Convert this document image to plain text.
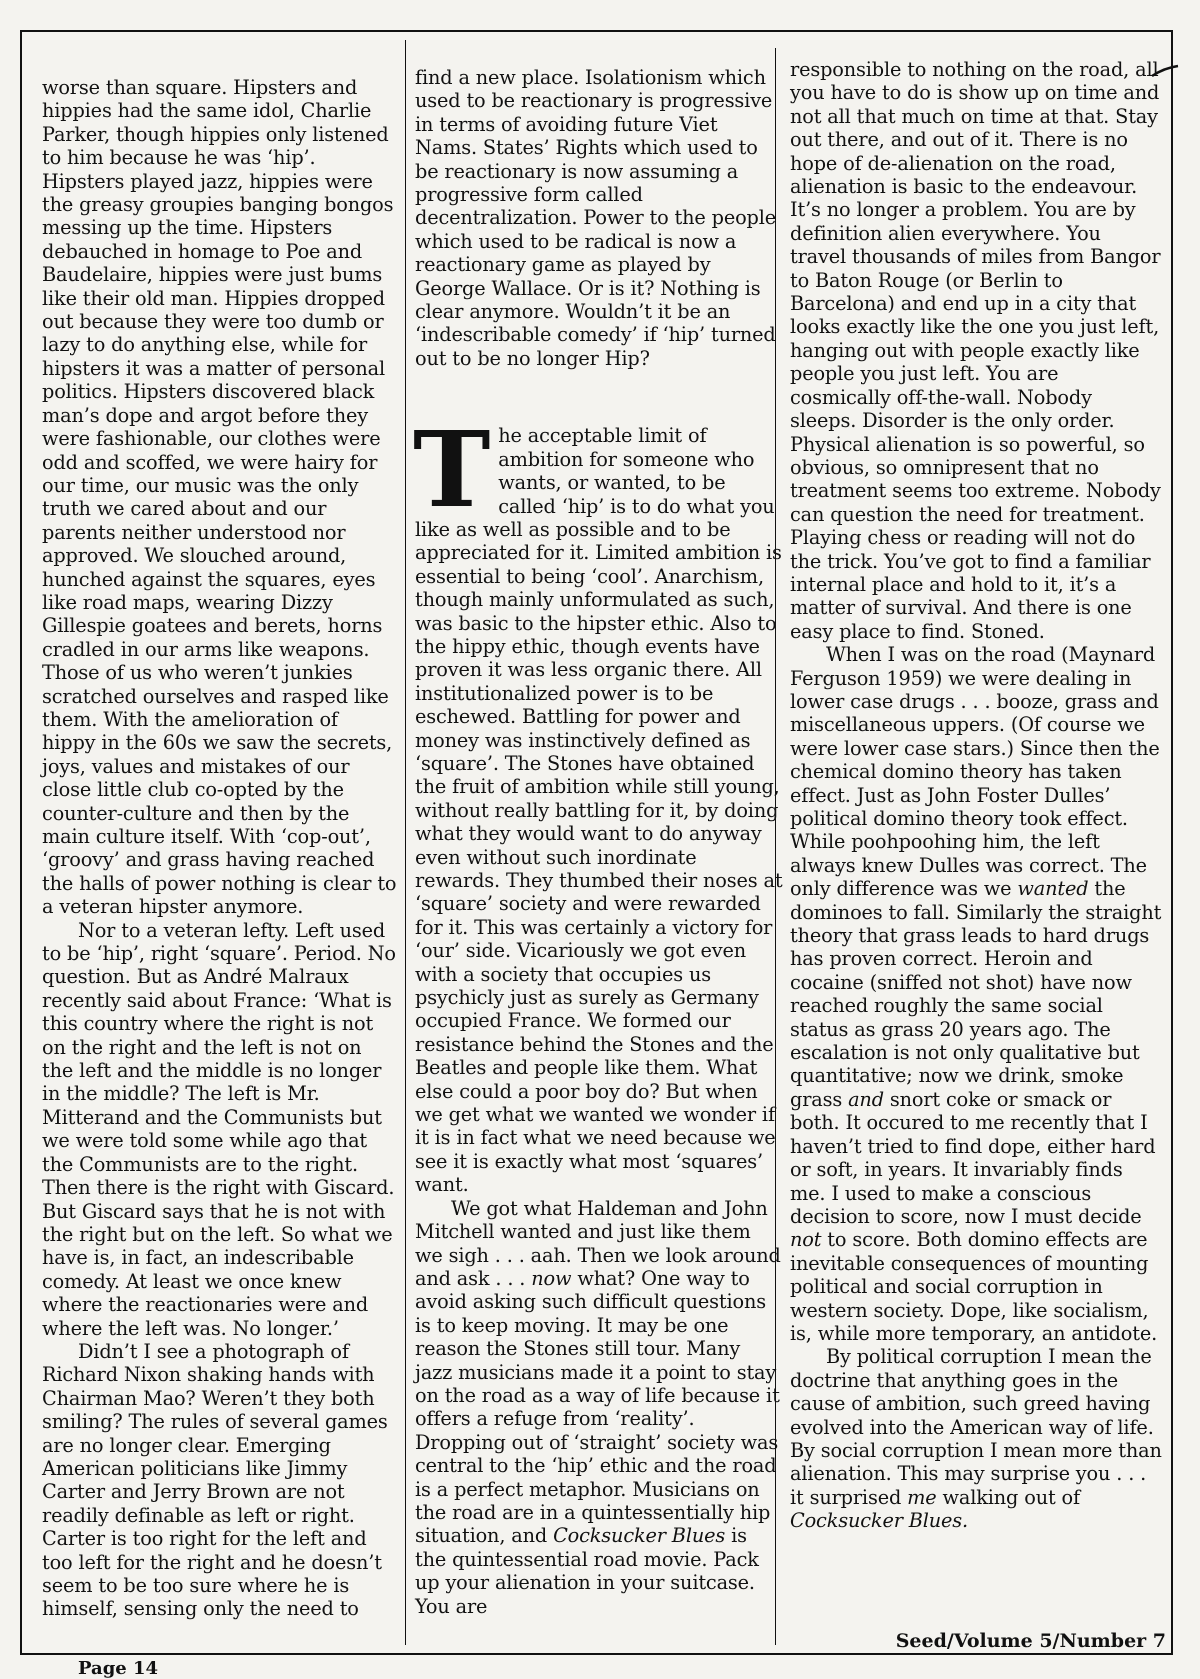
worse than square. Hipsters and hippies had the same idol, Charlie Parker, though hippies only listened to him because he was ‘hip’. Hipsters played jazz, hippies were the greasy groupies banging bongos messing up the time. Hipsters debauched in homage to Poe and Baudelaire, hippies were just bums like their old man. Hippies dropped out because they were too dumb or lazy to do anything else, while for hipsters it was a matter of personal politics. Hipsters discovered black man’s dope and argot before they were fashionable, our clothes were odd and scoffed, we were hairy for our time, our music was the only truth we cared about and our parents neither understood nor approved. We slouched around, hunched against the squares, eyes like road maps, wearing Dizzy Gillespie goatees and berets, horns cradled in our arms like weapons. Those of us who weren’t junkies scratched ourselves and rasped like them. With the amelioration of hippy in the 60s we saw the secrets, joys, values and mistakes of our close little club co-opted by the counter-culture and then by the main culture itself. With ‘cop-out’, ‘groovy’ and grass having reached the halls of power nothing is clear to a veteran hipster anymore.

Nor to a veteran lefty. Left used to be ‘hip’, right ‘square’. Period. No question. But as André Malraux recently said about France: ‘What is this country where the right is not on the right and the left is not on the left and the middle is no longer in the middle? The left is Mr. Mitterand and the Communists but we were told some while ago that the Communists are to the right. Then there is the right with Giscard. But Giscard says that he is not with the right but on the left. So what we have is, in fact, an indescribable comedy. At least we once knew where the reactionaries were and where the left was. No longer.’

Didn’t I see a photograph of Richard Nixon shaking hands with Chairman Mao? Weren’t they both smiling? The rules of several games are no longer clear. Emerging American politicians like Jimmy Carter and Jerry Brown are not readily definable as left or right. Carter is too right for the left and too left for the right and he doesn’t seem to be too sure where he is himself, sensing only the need to

find a new place. Isolationism which used to be reactionary is progressive in terms of avoiding future Viet Nams. States’ Rights which used to be reactionary is now assuming a progressive form called decentralization. Power to the people which used to be radical is now a reactionary game as played by George Wallace. Or is it? Nothing is clear anymore. Wouldn’t it be an ‘indescribable comedy’ if ‘hip’ turned out to be no longer Hip?

The acceptable limit of ambition for someone who wants, or wanted, to be called ‘hip’ is to do what you like as well as possible and to be appreciated for it. Limited ambition is essential to being ‘cool’. Anarchism, though mainly unformulated as such, was basic to the hipster ethic. Also to the hippy ethic, though events have proven it was less organic there. All institutionalized power is to be eschewed. Battling for power and money was instinctively defined as ‘square’. The Stones have obtained the fruit of ambition while still young, without really battling for it, by doing what they would want to do anyway even without such inordinate rewards. They thumbed their noses at ‘square’ society and were rewarded for it. This was certainly a victory for ‘our’ side. Vicariously we got even with a society that occupies us psychicly just as surely as Germany occupied France. We formed our resistance behind the Stones and the Beatles and people like them. What else could a poor boy do? But when we get what we wanted we wonder if it is in fact what we need because we see it is exactly what most ‘squares’ want.

We got what Haldeman and John Mitchell wanted and just like them we sigh . . . aah. Then we look around and ask . . . now what? One way to avoid asking such difficult questions is to keep moving. It may be one reason the Stones still tour. Many jazz musicians made it a point to stay on the road as a way of life because it offers a refuge from ‘reality’. Dropping out of ‘straight’ society was central to the ‘hip’ ethic and the road is a perfect metaphor. Musicians on the road are in a quintessentially hip situation, and Cocksucker Blues is the quintessential road movie. Pack up your alienation in your suitcase. You are

responsible to nothing on the road, all you have to do is show up on time and not all that much on time at that. Stay out there, and out of it. There is no hope of de-alienation on the road, alienation is basic to the endeavour. It’s no longer a problem. You are by definition alien everywhere. You travel thousands of miles from Bangor to Baton Rouge (or Berlin to Barcelona) and end up in a city that looks exactly like the one you just left, hanging out with people exactly like people you just left. You are cosmically off-the-wall. Nobody sleeps. Disorder is the only order. Physical alienation is so powerful, so obvious, so omnipresent that no treatment seems too extreme. Nobody can question the need for treatment. Playing chess or reading will not do the trick. You’ve got to find a familiar internal place and hold to it, it’s a matter of survival. And there is one easy place to find. Stoned.

When I was on the road (Maynard Ferguson 1959) we were dealing in lower case drugs . . . booze, grass and miscellaneous uppers. (Of course we were lower case stars.) Since then the chemical domino theory has taken effect. Just as John Foster Dulles’ political domino theory took effect. While poohpoohing him, the left always knew Dulles was correct. The only difference was we wanted the dominoes to fall. Similarly the straight theory that grass leads to hard drugs has proven correct. Heroin and cocaine (sniffed not shot) have now reached roughly the same social status as grass 20 years ago. The escalation is not only qualitative but quantitative; now we drink, smoke grass and snort coke or smack or both. It occured to me recently that I haven’t tried to find dope, either hard or soft, in years. It invariably finds me. I used to make a conscious decision to score, now I must decide not to score. Both domino effects are inevitable consequences of mounting political and social corruption in western society. Dope, like socialism, is, while more temporary, an antidote.

By political corruption I mean the doctrine that anything goes in the cause of ambition, such greed having evolved into the American way of life. By social corruption I mean more than alienation. This may surprise you . . . it surprised me walking out of Cocksucker Blues.

Seed/Volume 5/Number 7
Page 14
